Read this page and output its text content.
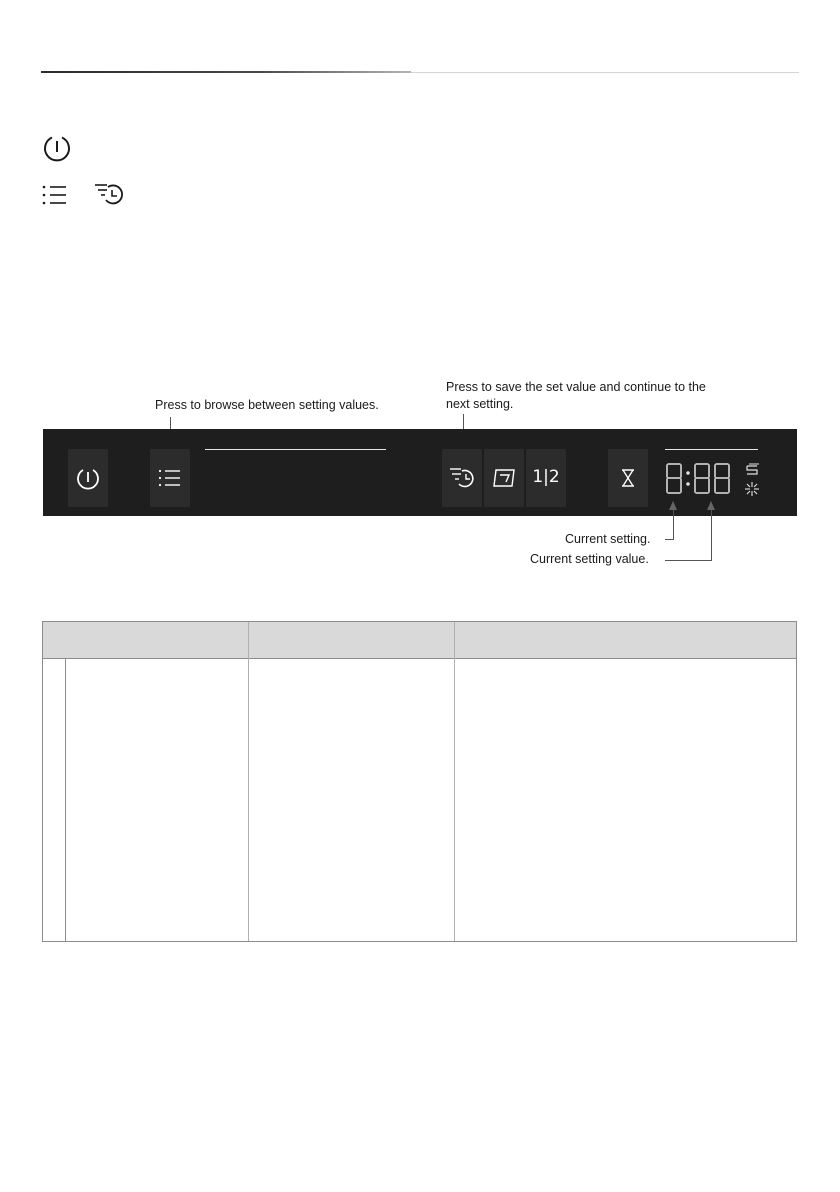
Press to browse between setting values.
Press to save the set value and continue to the
next setting.
1|2
Current setting.
Current setting value.
